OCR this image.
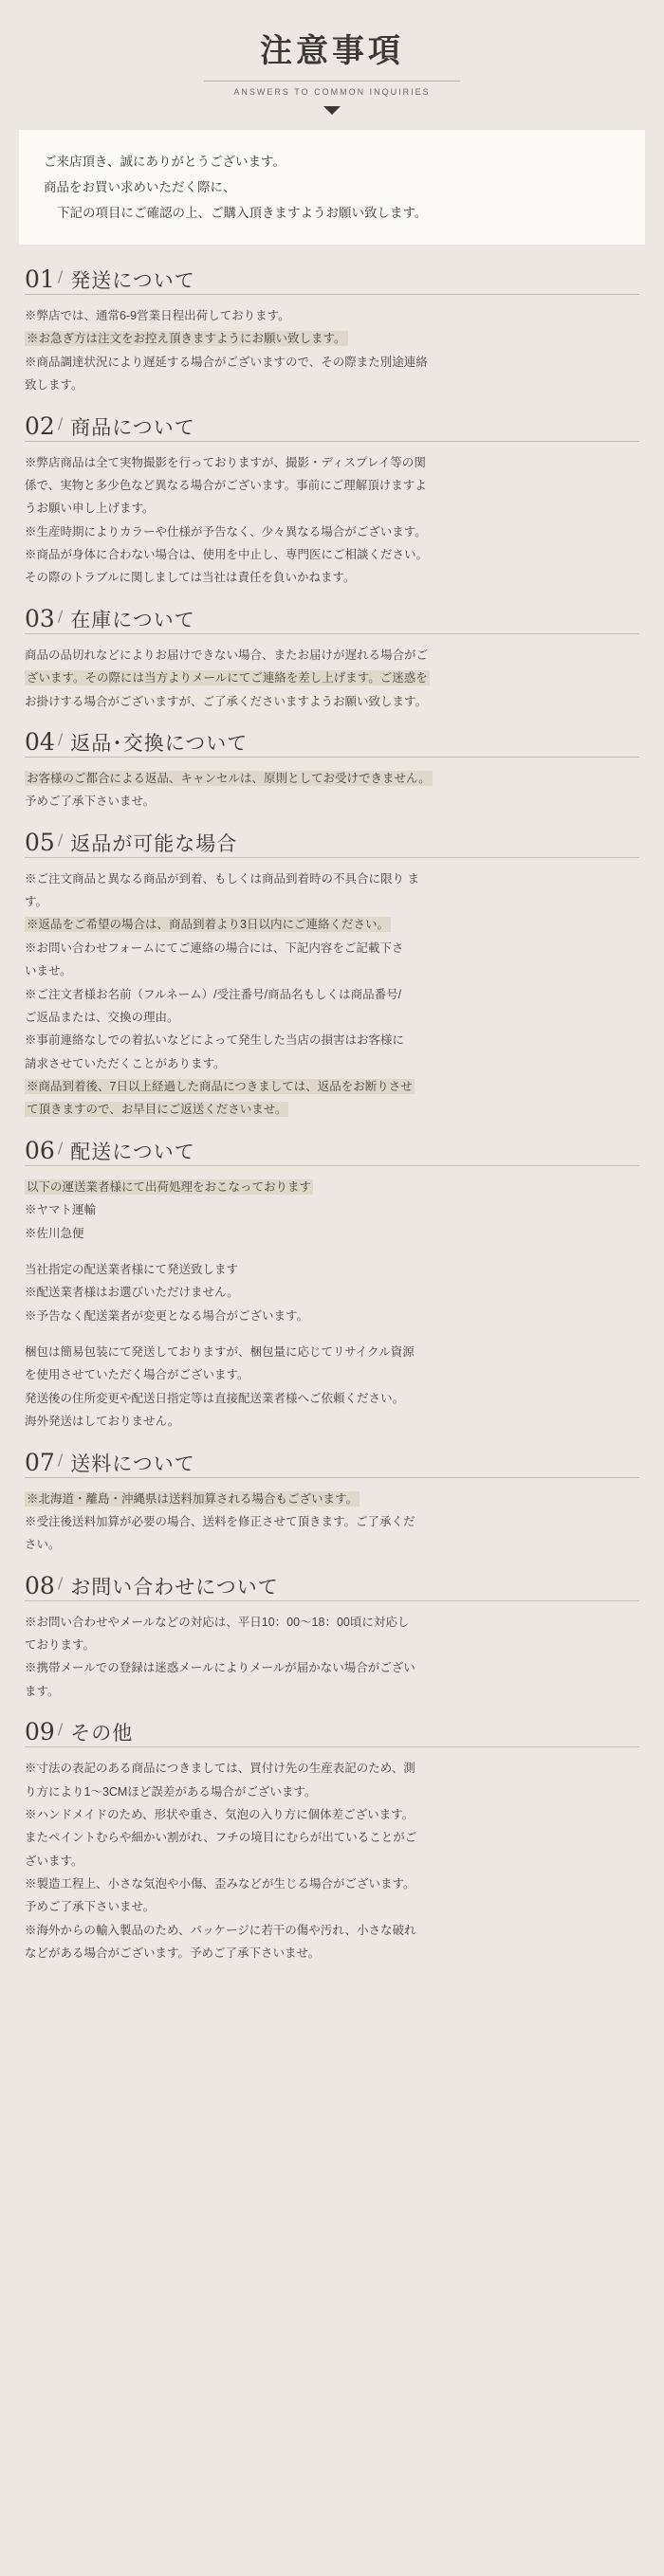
注意事項

ANSWERS TO COMMON INQUIRIES

ご来店頂き、誠にありがとうございます。

商品をお買い求めいただく際に、

下記の項目にご確認の上、ご購入頂きますようお願い致します。

01 / 発送について

※弊店では、通常6-9営業日程出荷しております。

※お急ぎ方は注文をお控え頂きますようにお願い致します。

※商品調達状況により遅延する場合がございますので、その際また別途連絡

致します。

02 / 商品について

※弊店商品は全て実物撮影を行っておりますが、撮影・ディスプレイ等の関

係で、実物と多少色など異なる場合がございます。事前にご理解頂けますよ

うお願い申し上げます。

※生産時期によりカラーや仕様が予告なく、少々異なる場合がございます。

※商品が身体に合わない場合は、使用を中止し、専門医にご相談ください。

その際のトラブルに関しましては当社は責任を負いかねます。

03 / 在庫について

商品の品切れなどによりお届けできない場合、またお届けが遅れる場合がご

ざいます。その際には当方よりメールにてご連絡を差し上げます。ご迷惑を

お掛けする場合がございますが、ご了承くださいますようお願い致します。

04 / 返品･交換について

お客様のご都合による返品、キャンセルは、原則としてお受けできません。

予めご了承下さいませ。

05 / 返品が可能な場合

※ご注文商品と異なる商品が到着、もしくは商品到着時の不具合に限り ま

す。

※返品をご希望の場合は、商品到着より3日以内にご連絡ください。

※お問い合わせフォームにてご連絡の場合には、下記内容をご記載下さ

いませ。

※ご注文者様お名前（フルネーム）/受注番号/商品名もしくは商品番号/

ご返品または、交換の理由。

※事前連絡なしでの着払いなどによって発生した当店の損害はお客様に

請求させていただくことがあります。

※商品到着後、7日以上経過した商品につきましては、返品をお断りさせ

て頂きますので、お早目にご返送くださいませ。

06 / 配送について

以下の運送業者様にて出荷処理をおこなっております

※ヤマト運輸

※佐川急便

当社指定の配送業者様にて発送致します

※配送業者様はお選びいただけません。

※予告なく配送業者が変更となる場合がございます。

梱包は簡易包装にて発送しておりますが、梱包量に応じてリサイクル資源

を使用させていただく場合がございます。

発送後の住所変更や配送日指定等は直接配送業者様へご依頼ください。

海外発送はしておりません。

07 / 送料について

※北海道・離島・沖縄県は送料加算される場合もございます。

※受注後送料加算が必要の場合、送料を修正させて頂きます。ご了承くだ

さい。

08 / お問い合わせについて

※お問い合わせやメールなどの対応は、平日10：00～18：00頃に対応し

ております。

※携帯メールでの登録は迷惑メールによりメールが届かない場合がござい

ます。

09 / その他

※寸法の表記のある商品につきましては、買付け先の生産表記のため、測

り方により1～3CMほど誤差がある場合がございます。

※ハンドメイドのため、形状や重さ、気泡の入り方に個体差ございます。

またペイントむらや細かい割がれ、フチの境目にむらが出ていることがご

ざいます。

※製造工程上、小さな気泡や小傷、歪みなどが生じる場合がございます。

予めご了承下さいませ。

※海外からの輸入製品のため、パッケージに若干の傷や汚れ、小さな破れ

などがある場合がございます。予めご了承下さいませ。
